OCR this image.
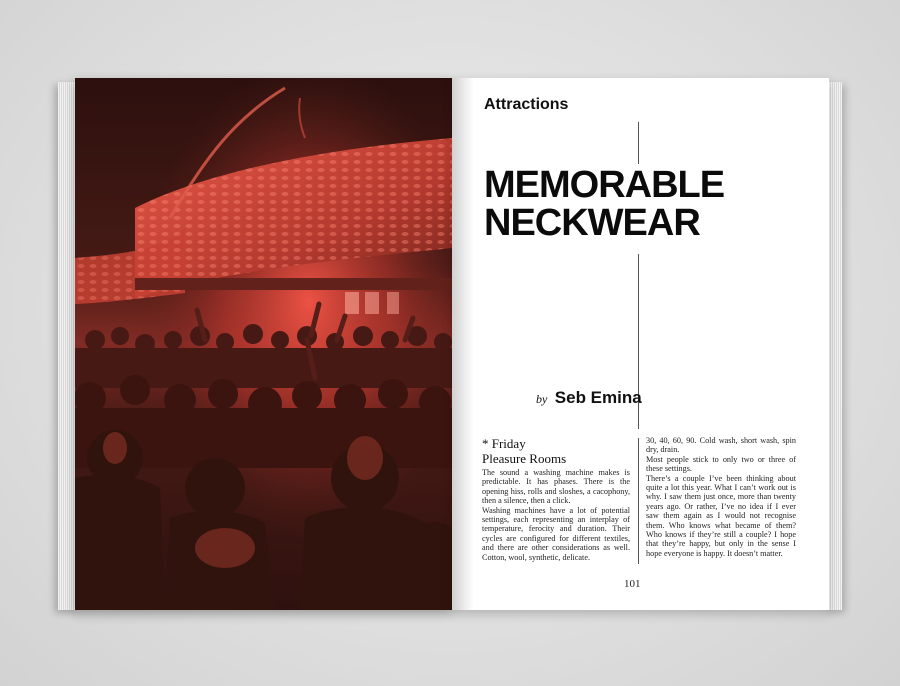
Attractions
MEMORABLE
NECKWEAR
by Seb Emina

* Friday

Pleasure Rooms

The sound a washing machine makes is predictable. It has phases. There is the opening hiss, rolls and sloshes, a cacophony, then a silence, then a click.

Washing machines have a lot of potential settings, each representing an interplay of temperature, ferocity and duration. Their cycles are configured for different textiles, and there are other considerations as well. Cotton, wool, synthetic, delicate.

30, 40, 60, 90. Cold wash, short wash, spin dry, drain.

Most people stick to only two or three of these settings.

There’s a couple I’ve been thinking about quite a lot this year. What I can’t work out is why. I saw them just once, more than twenty years ago. Or rather, I’ve no idea if I ever saw them again as I would not recognise them. Who knows what became of them? Who knows if they’re still a couple? I hope that they’re happy, but only in the sense I hope everyone is happy. It doesn’t matter.

101
